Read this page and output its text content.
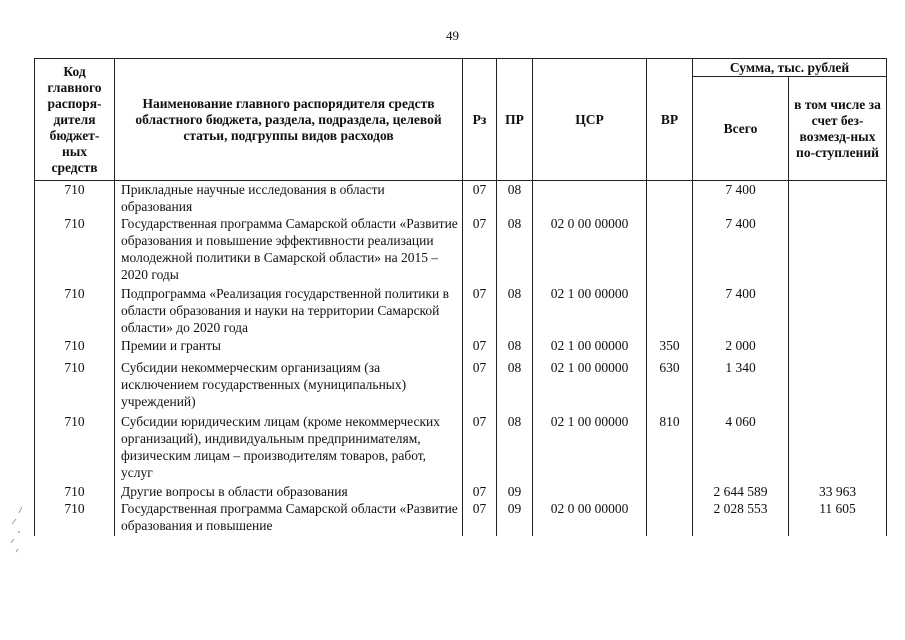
49
Код главного распоря-дителя бюджет-ных средств	Наименование главного распорядителя средств областного бюджета, раздела, подраздела, целевой статьи, подгруппы видов расходов	Рз	ПР	ЦСР	ВР	Сумма, тыс. рублей	
						Всего	в том числе за счет без-возмезд-ных по-ступлений
710	Прикладные научные исследования в области образования	07	08			7 400	
710	Государственная программа Самарской области «Развитие образования и повышение эффективности реализации молодежной политики в Самарской области» на 2015 – 2020 годы	07	08	02 0 00 00000		7 400	
710	Подпрограмма «Реализация государственной политики в области образования и науки на территории Самарской области» до 2020 года	07	08	02 1 00 00000		7 400	
710	Премии и гранты	07	08	02 1 00 00000	350	2 000	
710	Субсидии некоммерческим организациям (за исключением государственных (муниципальных) учреждений)	07	08	02 1 00 00000	630	1 340	
710	Субсидии юридическим лицам (кроме некоммерческих организаций), индивидуальным предпринимателям, физическим лицам – производителям товаров, работ, услуг	07	08	02 1 00 00000	810	4 060	
710	Другие вопросы в области образования	07	09			2 644 589	33 963
710	Государственная программа Самарской области «Развитие образования и повышение	07	09	02 0 00 00000		2 028 553	11 605
